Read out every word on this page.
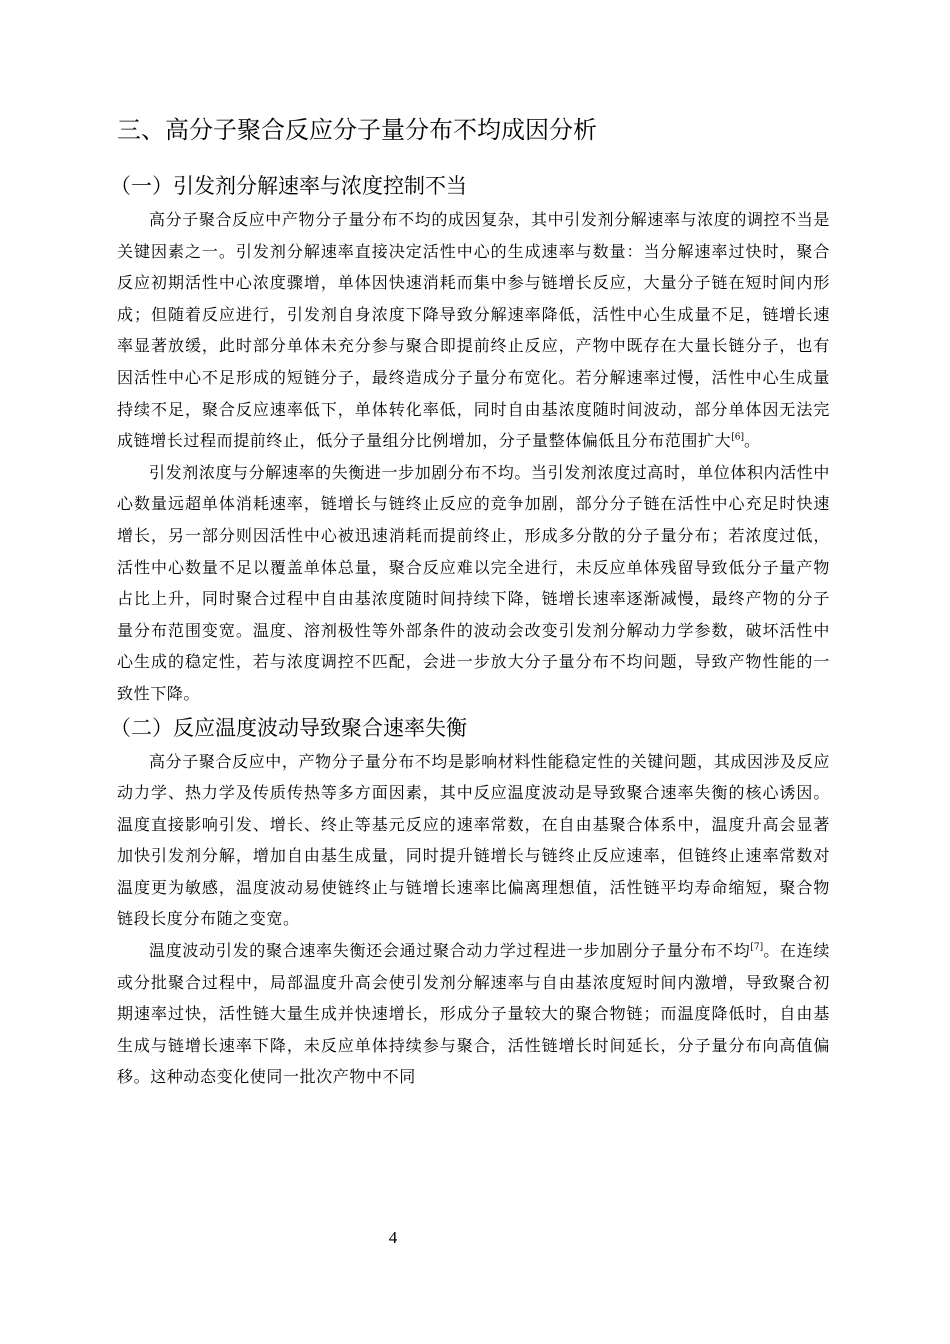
三、高分子聚合反应分子量分布不均成因分析
（一）引发剂分解速率与浓度控制不当

高分子聚合反应中产物分子量分布不均的成因复杂，其中引发剂分解速率与浓度的调控不当是关键因素之一。引发剂分解速率直接决定活性中心的生成速率与数量：当分解速率过快时，聚合反应初期活性中心浓度骤增，单体因快速消耗而集中参与链增长反应，大量分子链在短时间内形成；但随着反应进行，引发剂自身浓度下降导致分解速率降低，活性中心生成量不足，链增长速率显著放缓，此时部分单体未充分参与聚合即提前终止反应，产物中既存在大量长链分子，也有因活性中心不足形成的短链分子，最终造成分子量分布宽化。若分解速率过慢，活性中心生成量持续不足，聚合反应速率低下，单体转化率低，同时自由基浓度随时间波动，部分单体因无法完成链增长过程而提前终止，低分子量组分比例增加，分子量整体偏低且分布范围扩大[6]。

引发剂浓度与分解速率的失衡进一步加剧分布不均。当引发剂浓度过高时，单位体积内活性中心数量远超单体消耗速率，链增长与链终止反应的竞争加剧，部分分子链在活性中心充足时快速增长，另一部分则因活性中心被迅速消耗而提前终止，形成多分散的分子量分布；若浓度过低，活性中心数量不足以覆盖单体总量，聚合反应难以完全进行，未反应单体残留导致低分子量产物占比上升，同时聚合过程中自由基浓度随时间持续下降，链增长速率逐渐减慢，最终产物的分子量分布范围变宽。温度、溶剂极性等外部条件的波动会改变引发剂分解动力学参数，破坏活性中心生成的稳定性，若与浓度调控不匹配，会进一步放大分子量分布不均问题，导致产物性能的一致性下降。

（二）反应温度波动导致聚合速率失衡

高分子聚合反应中，产物分子量分布不均是影响材料性能稳定性的关键问题，其成因涉及反应动力学、热力学及传质传热等多方面因素，其中反应温度波动是导致聚合速率失衡的核心诱因。温度直接影响引发、增长、终止等基元反应的速率常数，在自由基聚合体系中，温度升高会显著加快引发剂分解，增加自由基生成量，同时提升链增长与链终止反应速率，但链终止速率常数对温度更为敏感，温度波动易使链终止与链增长速率比偏离理想值，活性链平均寿命缩短，聚合物链段长度分布随之变宽。

温度波动引发的聚合速率失衡还会通过聚合动力学过程进一步加剧分子量分布不均[7]。在连续或分批聚合过程中，局部温度升高会使引发剂分解速率与自由基浓度短时间内激增，导致聚合初期速率过快，活性链大量生成并快速增长，形成分子量较大的聚合物链；而温度降低时，自由基生成与链增长速率下降，未反应单体持续参与聚合，活性链增长时间延长，分子量分布向高值偏移。这种动态变化使同一批次产物中不同

4
